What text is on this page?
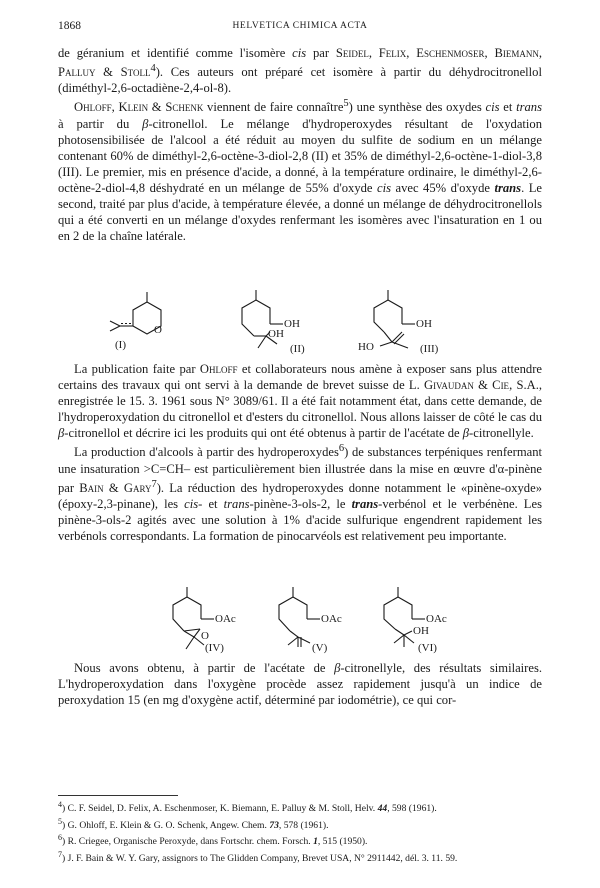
1868	HELVETICA CHIMICA ACTA

de géranium et identifié comme l'isomère cis par Seidel, Felix, Eschenmoser, Biemann, Palluy & Stoll$^4$). Ces auteurs ont préparé cet isomère à partir du déhydrocitronellol (diméthyl-2,6-octadiène-2,4-ol-8).

Ohloff, Klein & Schenk viennent de faire connaître$^5$) une synthèse des oxydes cis et trans à partir du β-citronellol. Le mélange d'hydroperoxydes résultant de l'oxydation photosensibilisée de l'alcool a été réduit au moyen du sulfite de sodium en un mélange contenant 60% de diméthyl-2,6-octène-3-diol-2,8 (II) et 35% de diméthyl-2,6-octène-1-diol-3,8 (III). Le premier, mis en présence d'acide, a donné, à la température ordinaire, le diméthyl-2,6-octène-2-diol-4,8 déshydraté en un mélange de 55% d'oxyde cis avec 45% d'oxyde trans. Le second, traité par plus d'acide, à température élevée, a donné un mélange de déhydrocitronellols qui a été converti en un mélange d'oxydes renfermant les isomères avec l'insaturation en 1 ou en 2 de la chaîne latérale.

O
(I)
OH
OH
(II)
OH
HO	(III)

La publication faite par Ohloff et collaborateurs nous amène à exposer sans plus attendre certains des travaux qui ont servi à la demande de brevet suisse de L. Givaudan & Cie, S.A., enregistrée le 15. 3. 1961 sous N° 3089/61. Il a été fait notamment état, dans cette demande, de l'hydroperoxydation du citronellol et d'esters du citronellol. Nous allons laisser de côté le cas du β-citronellol et décrire ici les produits qui ont été obtenus à partir de l'acétate de β-citronellyle.

La production d'alcools à partir des hydroperoxydes$^6$) de substances terpéniques renfermant une insaturation >C=CH– est particulièrement bien illustrée dans la mise en œuvre d'α-pinène par Bain & Gary$^7$). La réduction des hydroperoxydes donne notamment le «pinène-oxyde» (époxy-2,3-pinane), les cis- et trans-pinène-3-ols-2, le trans-verbénol et le verbénène. Les pinène-3-ols-2 agités avec une solution à 1% d'acide sulfurique engendrent rapidement les verbénols correspondants. La formation de pinocarvéols est relativement peu importante.

OAc
O
(IV)
OAc
(V)
OAc
OH
(VI)

Nous avons obtenu, à partir de l'acétate de β-citronellyle, des résultats similaires. L'hydroperoxydation dans l'oxygène procède assez rapidement jusqu'à un indice de peroxydation 15 (en mg d'oxygène actif, déterminé par iodométrie), ce qui cor-

$^4$) C. F. Seidel, D. Felix, A. Eschenmoser, K. Biemann, E. Palluy & M. Stoll, Helv. 44, 598 (1961).

$^5$) G. Ohloff, E. Klein & G. O. Schenk, Angew. Chem. 73, 578 (1961).

$^6$) R. Criegee, Organische Peroxyde, dans Fortschr. chem. Forsch. 1, 515 (1950).

$^7$) J. F. Bain & W. Y. Gary, assignors to The Glidden Company, Brevet USA, N° 2911442, dél. 3. 11. 59.
